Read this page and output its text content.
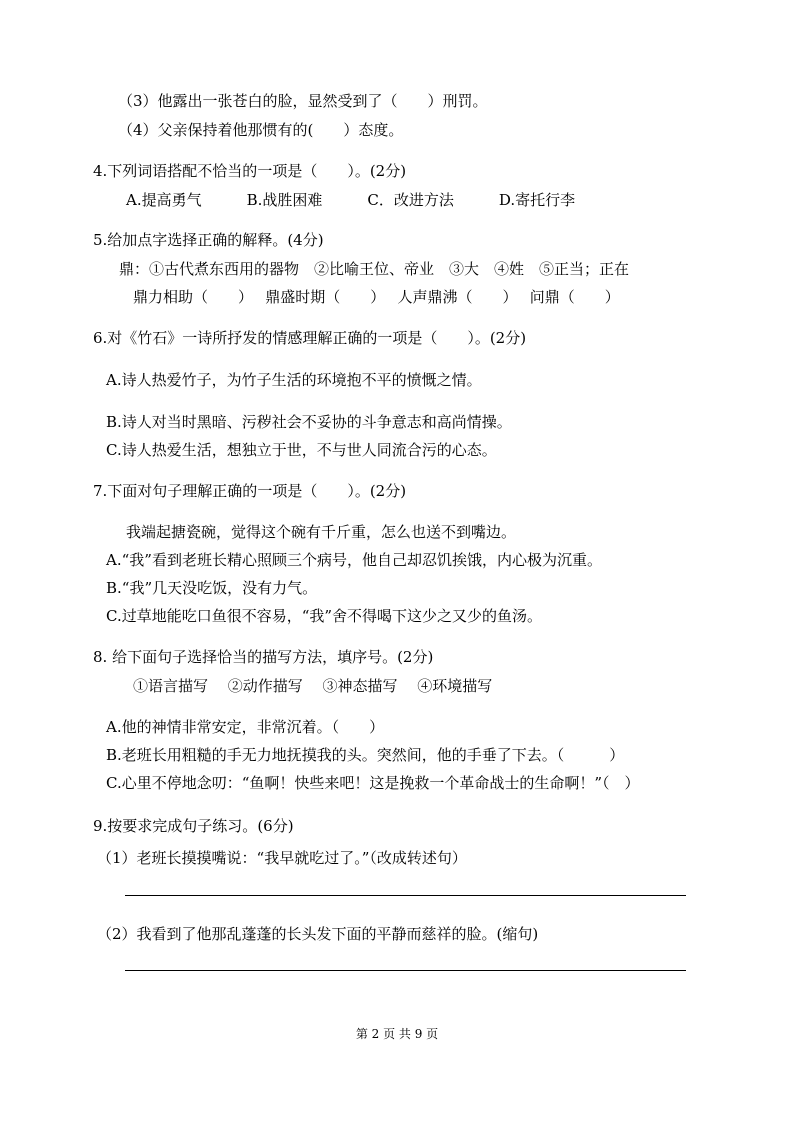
（3）他露出一张苍白的脸，显然受到了（　　）刑罚。
（4）父亲保持着他那惯有的(　　）态度。
4.下列词语搭配不恰当的一项是（　　）。(2分)
A.提高勇气　　　B.战胜困难　　　C．改进方法　　　D.寄托行李
5.给加点字选择正确的解释。(4分)
鼎：①古代煮东西用的器物　②比喻王位、帝业　③大　④姓　⑤正当；正在
鼎力相助（　　）　 鼎盛时期（　　）　 人声鼎沸（　　）　 问鼎（　　）
6.对《竹石》一诗所抒发的情感理解正确的一项是（　　）。(2分)
A.诗人热爱竹子，为竹子生活的环境抱不平的愤慨之情。
B.诗人对当时黑暗、污秽社会不妥协的斗争意志和高尚情操。
C.诗人热爱生活，想独立于世，不与世人同流合污的心态。
7.下面对句子理解正确的一项是（　　）。(2分)
我端起搪瓷碗，觉得这个碗有千斤重，怎么也送不到嘴边。
A.“我”看到老班长精心照顾三个病号，他自己却忍饥挨饿，内心极为沉重。
B.“我”几天没吃饭，没有力气。
C.过草地能吃口鱼很不容易，“我”舍不得喝下这少之又少的鱼汤。
8. 给下面句子选择恰当的描写方法，填序号。(2分)
①语言描写　 ②动作描写　 ③神态描写　 ④环境描写
A.他的神情非常安定，非常沉着。（　　）
B.老班长用粗糙的手无力地抚摸我的头。突然间，他的手垂了下去。（　　　）
C.心里不停地念叨：“鱼啊！快些来吧！这是挽救一个革命战士的生命啊！”（　）
9.按要求完成句子练习。(6分)
（1）老班长摸摸嘴说：“我早就吃过了。”（改成转述句）
（2）我看到了他那乱蓬蓬的长头发下面的平静而慈祥的脸。(缩句)
第 2 页 共 9 页
